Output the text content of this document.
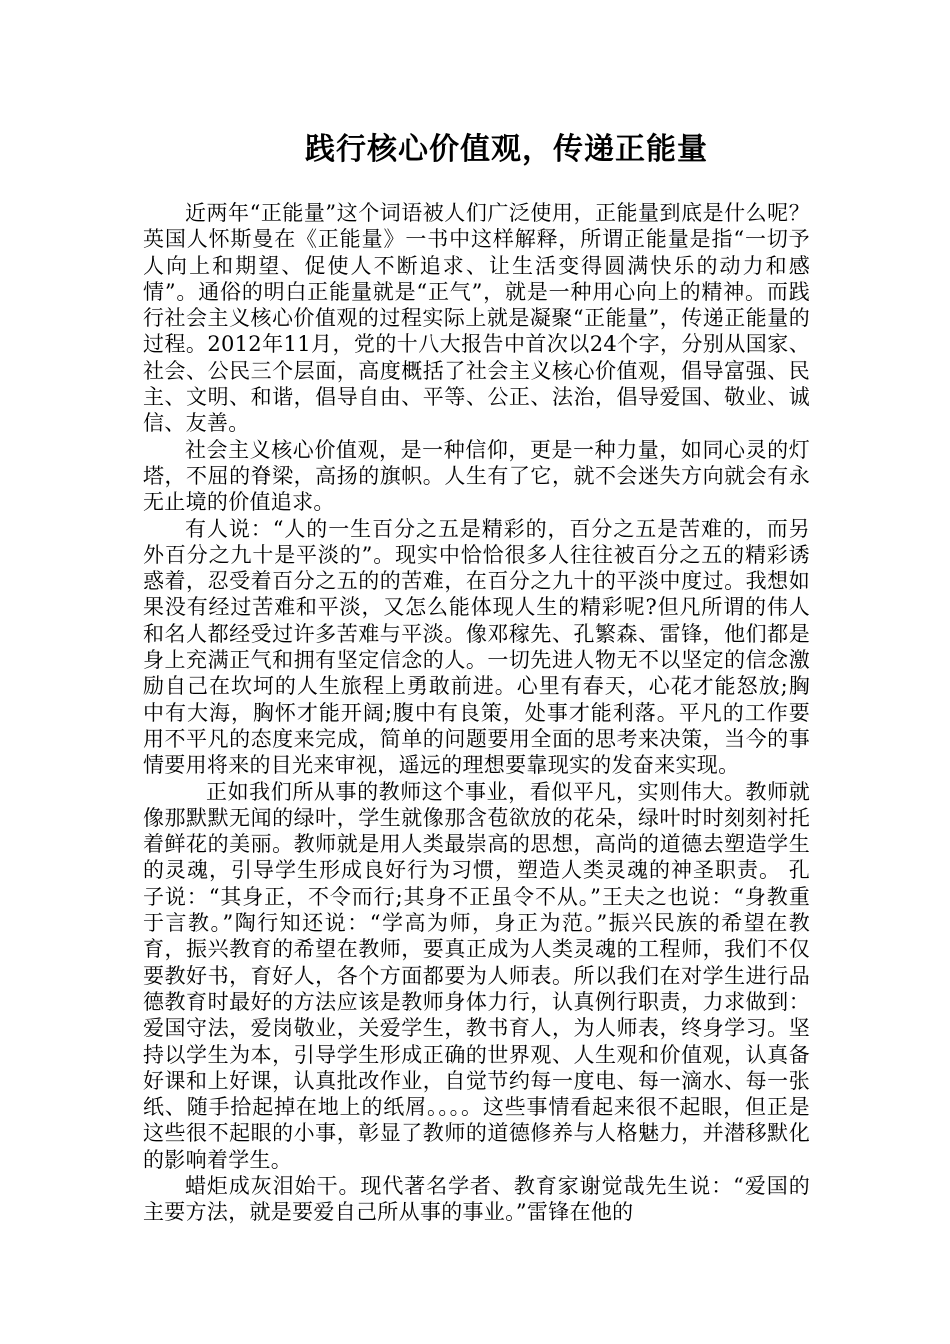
践行核心价值观，传递正能量

近两年“正能量”这个词语被人们广泛使用，正能量到底是什么呢？英国人怀斯曼在《正能量》一书中这样解释，所谓正能量是指“一切予人向上和期望、促使人不断追求、让生活变得圆满快乐的动力和感情”。通俗的明白正能量就是“正气”，就是一种用心向上的精神。而践行社会主义核心价值观的过程实际上就是凝聚“正能量”，传递正能量的过程。2012年11月，党的十八大报告中首次以24个字，分别从国家、社会、公民三个层面，高度概括了社会主义核心价值观，倡导富强、民主、文明、和谐，倡导自由、平等、公正、法治，倡导爱国、敬业、诚信、友善。

社会主义核心价值观，是一种信仰，更是一种力量，如同心灵的灯塔，不屈的脊梁，高扬的旗帜。人生有了它，就不会迷失方向就会有永无止境的价值追求。

有人说：“人的一生百分之五是精彩的，百分之五是苦难的，而另外百分之九十是平淡的”。现实中恰恰很多人往往被百分之五的精彩诱惑着，忍受着百分之五的的苦难，在百分之九十的平淡中度过。我想如果没有经过苦难和平淡，又怎么能体现人生的精彩呢?但凡所谓的伟人和名人都经受过许多苦难与平淡。像邓稼先、孔繁森、雷锋，他们都是身上充满正气和拥有坚定信念的人。一切先进人物无不以坚定的信念激励自己在坎坷的人生旅程上勇敢前进。心里有春天，心花才能怒放;胸中有大海，胸怀才能开阔;腹中有良策，处事才能利落。平凡的工作要用不平凡的态度来完成，简单的问题要用全面的思考来决策，当今的事情要用将来的目光来审视，遥远的理想要靠现实的发奋来实现。

正如我们所从事的教师这个事业，看似平凡，实则伟大。教师就像那默默无闻的绿叶，学生就像那含苞欲放的花朵，绿叶时时刻刻衬托着鲜花的美丽。教师就是用人类最崇高的思想，高尚的道德去塑造学生的灵魂，引导学生形成良好行为习惯，塑造人类灵魂的神圣职责。 孔子说：“其身正，不令而行;其身不正虽令不从。”王夫之也说：“身教重于言教。”陶行知还说：“学高为师，身正为范。”振兴民族的希望在教育，振兴教育的希望在教师，要真正成为人类灵魂的工程师，我们不仅要教好书，育好人，各个方面都要为人师表。所以我们在对学生进行品德教育时最好的方法应该是教师身体力行，认真例行职责，力求做到：爱国守法，爱岗敬业，关爱学生，教书育人，为人师表，终身学习。坚持以学生为本，引导学生形成正确的世界观、人生观和价值观，认真备好课和上好课，认真批改作业，自觉节约每一度电、每一滴水、每一张纸、随手拾起掉在地上的纸屑。。。。这些事情看起来很不起眼，但正是这些很不起眼的小事，彰显了教师的道德修养与人格魅力，并潜移默化的影响着学生。

蜡炬成灰泪始干。现代著名学者、教育家谢觉哉先生说：“爱国的主要方法，就是要爱自己所从事的事业。”雷锋在他的
